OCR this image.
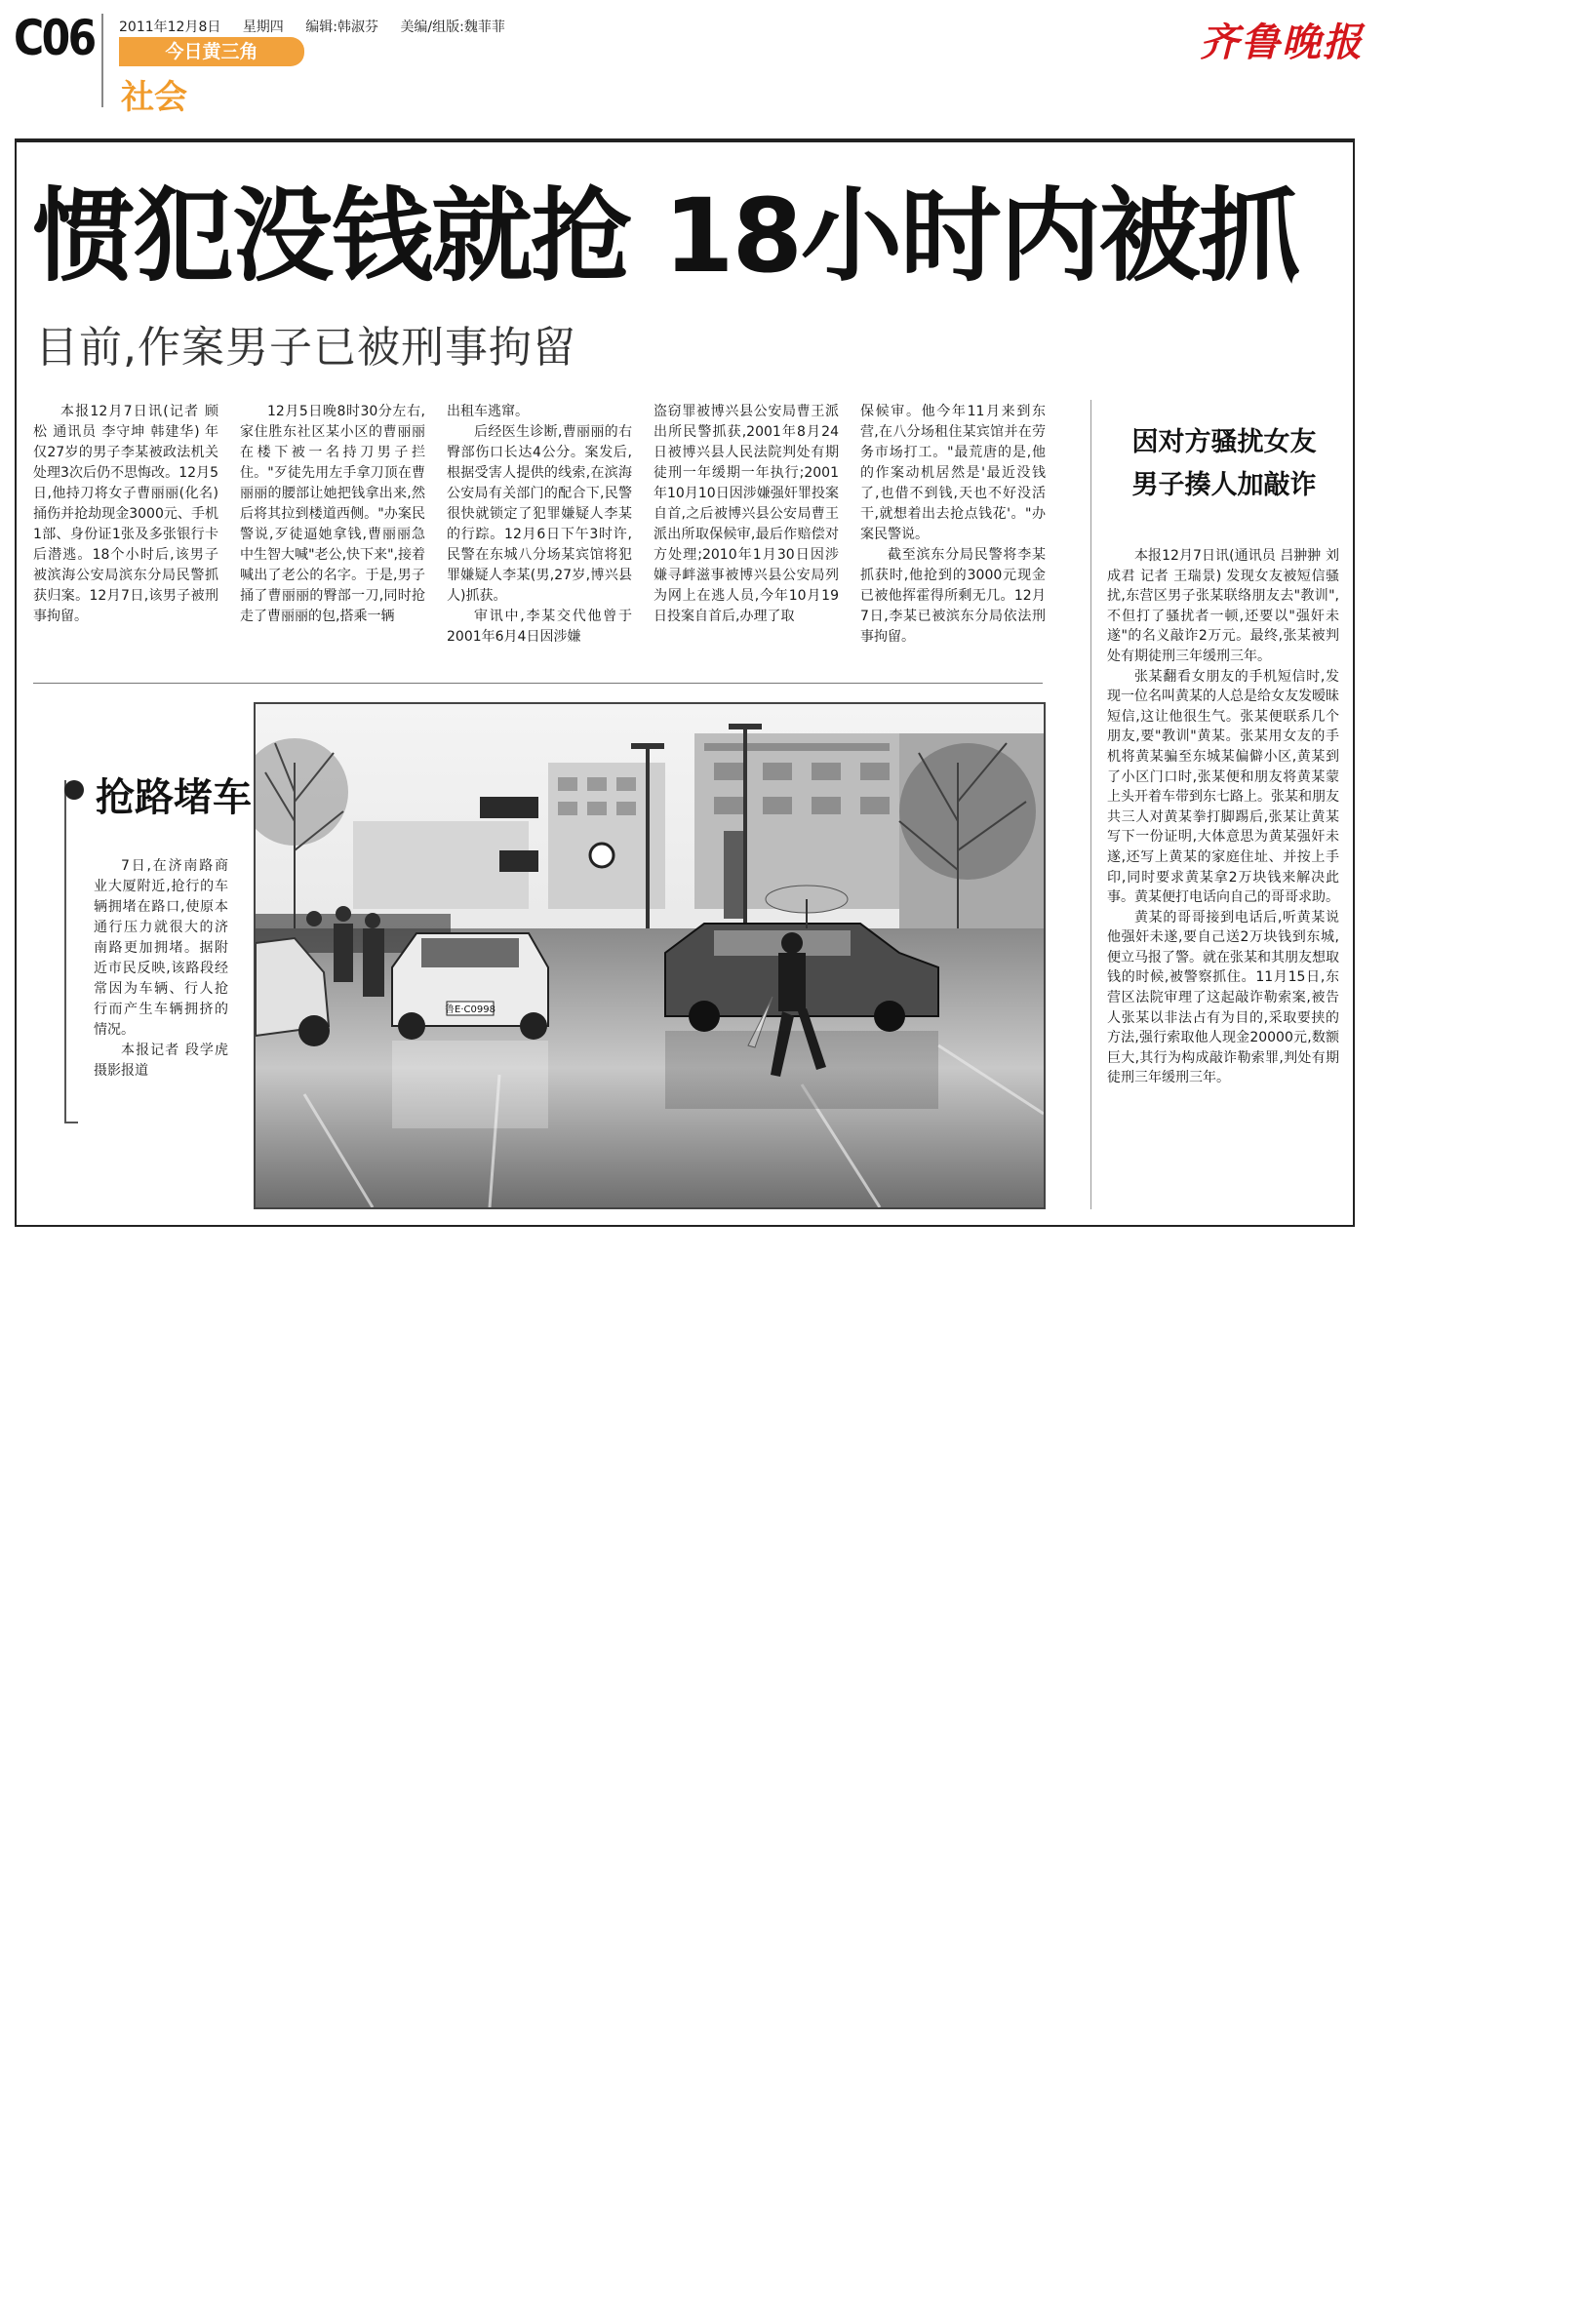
C06 2011年12月8日 星期四 编辑:韩淑芬 美编/组版:魏菲菲
今日黄三角
社会
齐鲁晚报
惯犯没钱就抢 18小时内被抓
目前,作案男子已被刑事拘留

本报12月7日讯(记者 顾松 通讯员 李守坤 韩建华) 年仅27岁的男子李某被政法机关处理3次后仍不思悔改。12月5日,他持刀将女子曹丽丽(化名)捅伤并抢劫现金3000元、手机1部、身份证1张及多张银行卡后潜逃。18个小时后,该男子被滨海公安局滨东分局民警抓获归案。12月7日,该男子被刑事拘留。

12月5日晚8时30分左右,家住胜东社区某小区的曹丽丽在楼下被一名持刀男子拦住。"歹徒先用左手拿刀顶在曹丽丽的腰部让她把钱拿出来,然后将其拉到楼道西侧。"办案民警说,歹徒逼她拿钱,曹丽丽急中生智大喊"老公,快下来",接着喊出了老公的名字。于是,男子捅了曹丽丽的臀部一刀,同时抢走了曹丽丽的包,搭乘一辆

出租车逃窜。

后经医生诊断,曹丽丽的右臀部伤口长达4公分。案发后,根据受害人提供的线索,在滨海公安局有关部门的配合下,民警很快就锁定了犯罪嫌疑人李某的行踪。12月6日下午3时许,民警在东城八分场某宾馆将犯罪嫌疑人李某(男,27岁,博兴县人)抓获。

审讯中,李某交代他曾于2001年6月4日因涉嫌

盗窃罪被博兴县公安局曹王派出所民警抓获,2001年8月24日被博兴县人民法院判处有期徒刑一年缓期一年执行;2001年10月10日因涉嫌强奸罪投案自首,之后被博兴县公安局曹王派出所取保候审,最后作赔偿对方处理;2010年1月30日因涉嫌寻衅滋事被博兴县公安局列为网上在逃人员,今年10月19日投案自首后,办理了取

保候审。他今年11月来到东营,在八分场租住某宾馆并在劳务市场打工。"最荒唐的是,他的作案动机居然是'最近没钱了,也借不到钱,天也不好没活干,就想着出去抢点钱花'。"办案民警说。

截至滨东分局民警将李某抓获时,他抢到的3000元现金已被他挥霍得所剩无几。12月7日,李某已被滨东分局依法刑事拘留。

抢路堵车

7日,在济南路商业大厦附近,抢行的车辆拥堵在路口,使原本通行压力就很大的济南路更加拥堵。据附近市民反映,该路段经常因为车辆、行人抢行而产生车辆拥挤的情况。

本报记者 段学虎 摄影报道

鲁E·C0998
因对方骚扰女友
男子揍人加敲诈

本报12月7日讯(通讯员 吕翀翀 刘成君 记者 王瑞景) 发现女友被短信骚扰,东营区男子张某联络朋友去"教训",不但打了骚扰者一顿,还要以"强奸未遂"的名义敲诈2万元。最终,张某被判处有期徒刑三年缓刑三年。

张某翻看女朋友的手机短信时,发现一位名叫黄某的人总是给女友发暧昧短信,这让他很生气。张某便联系几个朋友,要"教训"黄某。张某用女友的手机将黄某骗至东城某偏僻小区,黄某到了小区门口时,张某便和朋友将黄某蒙上头开着车带到东七路上。张某和朋友共三人对黄某拳打脚踢后,张某让黄某写下一份证明,大体意思为黄某强奸未遂,还写上黄某的家庭住址、并按上手印,同时要求黄某拿2万块钱来解决此事。黄某便打电话向自己的哥哥求助。

黄某的哥哥接到电话后,听黄某说他强奸未遂,要自己送2万块钱到东城,便立马报了警。就在张某和其朋友想取钱的时候,被警察抓住。11月15日,东营区法院审理了这起敲诈勒索案,被告人张某以非法占有为目的,采取要挟的方法,强行索取他人现金20000元,数额巨大,其行为构成敲诈勒索罪,判处有期徒刑三年缓刑三年。
